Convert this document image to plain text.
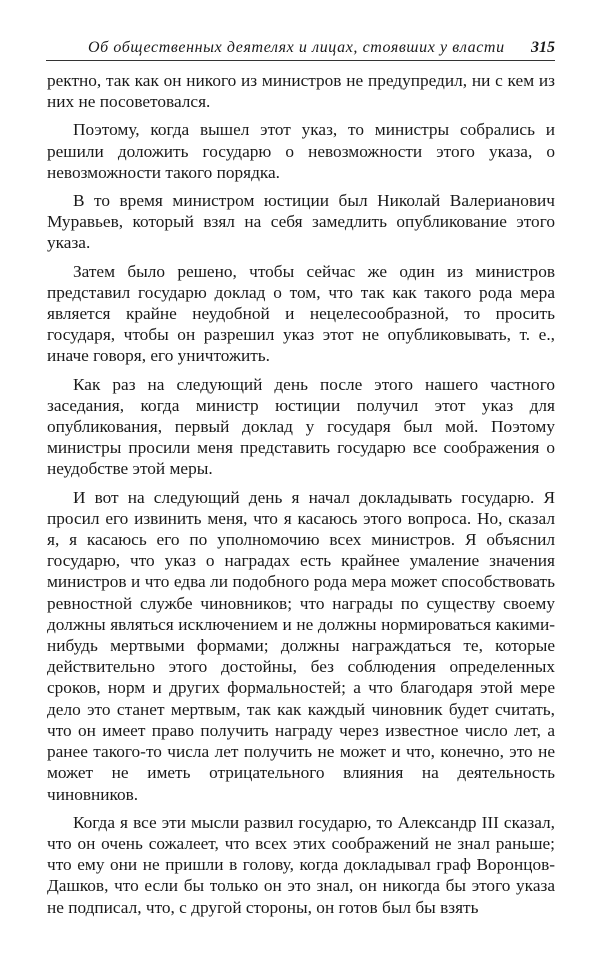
Об общественных деятелях и лицах, стоявших у власти 315

ректно, так как он никого из министров не предупредил, ни с кем из них не посоветовался.

Поэтому, когда вышел этот указ, то министры собрались и решили доложить государю о невозможности этого указа, о невозможности такого порядка.

В то время министром юстиции был Николай Валерианович Муравьев, который взял на себя замедлить опубликование этого указа.

Затем было решено, чтобы сейчас же один из министров представил государю доклад о том, что так как такого рода мера является крайне неудобной и нецелесообразной, то просить государя, чтобы он разрешил указ этот не опубликовывать, т. е., иначе говоря, его уничтожить.

Как раз на следующий день после этого нашего частного заседания, когда министр юстиции получил этот указ для опубликования, первый доклад у государя был мой. Поэтому министры просили меня представить государю все соображения о неудобстве этой меры.

И вот на следующий день я начал докладывать государю. Я просил его извинить меня, что я касаюсь этого вопроса. Но, сказал я, я касаюсь его по уполномочию всех министров. Я объяснил государю, что указ о наградах есть крайнее умаление значения министров и что едва ли подобного рода мера может способствовать ревностной службе чиновников; что награды по существу своему должны являться исключением и не должны нормироваться какими-нибудь мертвыми формами; должны награждаться те, которые действительно этого достойны, без соблюдения определенных сроков, норм и других формальностей; а что благодаря этой мере дело это станет мертвым, так как каждый чиновник будет считать, что он имеет право получить награду через известное число лет, а ранее такого-то числа лет получить не может и что, конечно, это не может не иметь отрицательного влияния на деятельность чиновников.

Когда я все эти мысли развил государю, то Александр III сказал, что он очень сожалеет, что всех этих соображений не знал раньше; что ему они не пришли в голову, когда докладывал граф Воронцов-Дашков, что если бы только он это знал, он никогда бы этого указа не подписал, что, с другой стороны, он готов был бы взять
